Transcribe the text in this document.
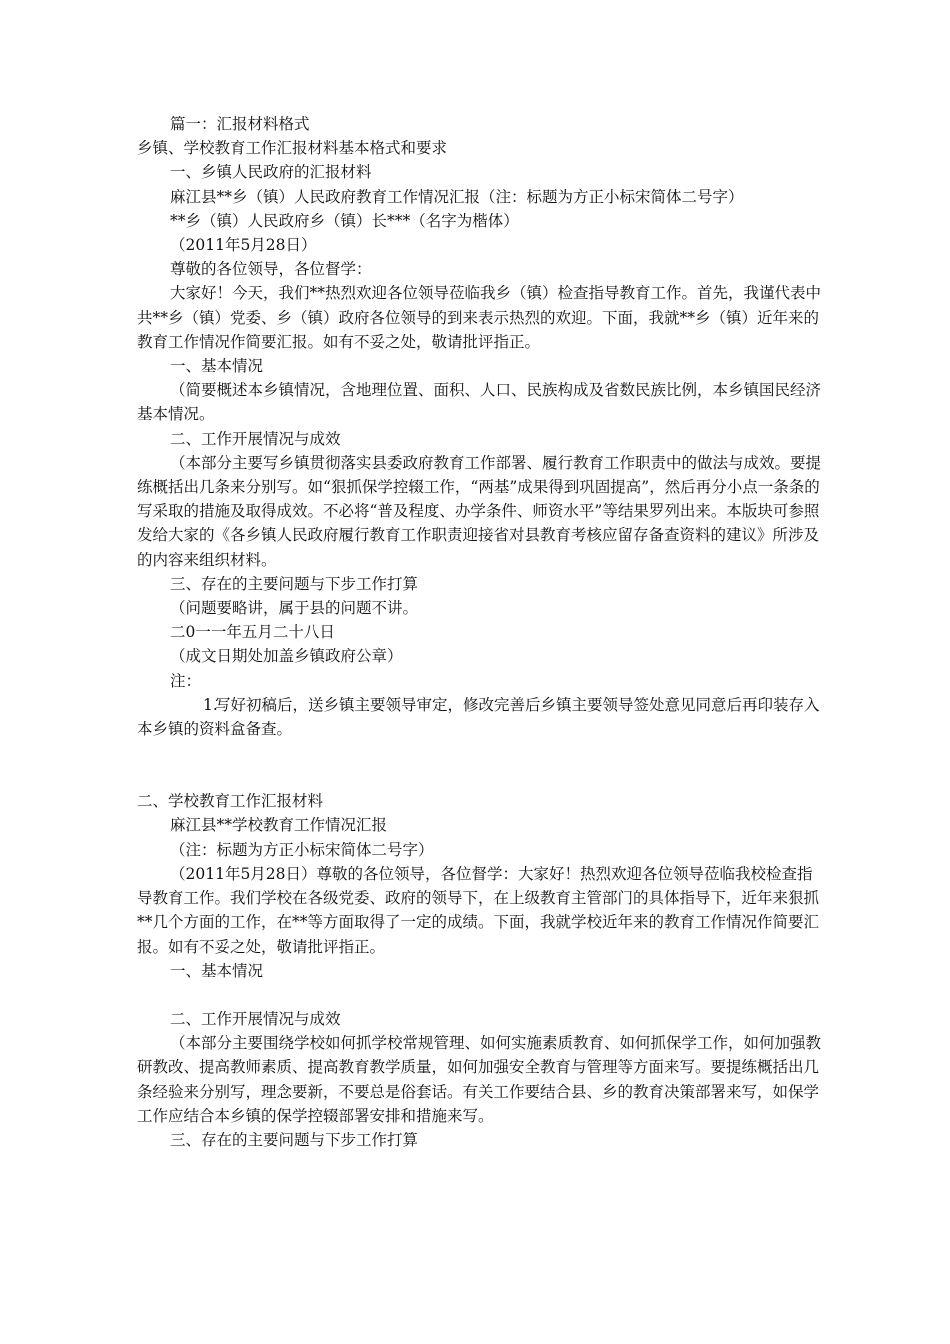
篇一：汇报材料格式

乡镇、学校教育工作汇报材料基本格式和要求

一、乡镇人民政府的汇报材料

麻江县**乡（镇）人民政府教育工作情况汇报（注：标题为方正小标宋简体二号字）

**乡（镇）人民政府乡（镇）长***（名字为楷体）

（2011年5月28日）

尊敬的各位领导，各位督学：

大家好！今天，我们**热烈欢迎各位领导莅临我乡（镇）检查指导教育工作。首先，我谨代表中共**乡（镇）党委、乡（镇）政府各位领导的到来表示热烈的欢迎。下面，我就**乡（镇）近年来的教育工作情况作简要汇报。如有不妥之处，敬请批评指正。

一、基本情况

（简要概述本乡镇情况，含地理位置、面积、人口、民族构成及省数民族比例，本乡镇国民经济基本情况。

二、工作开展情况与成效

（本部分主要写乡镇贯彻落实县委政府教育工作部署、履行教育工作职责中的做法与成效。要提练概括出几条来分别写。如“狠抓保学控辍工作，“两基”成果得到巩固提高”，然后再分小点一条条的写采取的措施及取得成效。不必将“普及程度、办学条件、师资水平”等结果罗列出来。本版块可参照发给大家的《各乡镇人民政府履行教育工作职责迎接省对县教育考核应留存备查资料的建议》所涉及的内容来组织材料。

三、存在的主要问题与下步工作打算

（问题要略讲，属于县的问题不讲。

二0一一年五月二十八日

（成文日期处加盖乡镇政府公章）

注：

1.写好初稿后，送乡镇主要领导审定，修改完善后乡镇主要领导签处意见同意后再印装存入本乡镇的资料盒备查。

二、学校教育工作汇报材料

麻江县**学校教育工作情况汇报

（注：标题为方正小标宋简体二号字）

（2011年5月28日）尊敬的各位领导，各位督学：大家好！热烈欢迎各位领导莅临我校检查指导教育工作。我们学校在各级党委、政府的领导下，在上级教育主管部门的具体指导下，近年来狠抓**几个方面的工作，在**等方面取得了一定的成绩。下面，我就学校近年来的教育工作情况作简要汇报。如有不妥之处，敬请批评指正。

一、基本情况

二、工作开展情况与成效

（本部分主要围绕学校如何抓学校常规管理、如何实施素质教育、如何抓保学工作，如何加强教研教改、提高教师素质、提高教育教学质量，如何加强安全教育与管理等方面来写。要提练概括出几条经验来分别写，理念要新，不要总是俗套话。有关工作要结合县、乡的教育决策部署来写，如保学工作应结合本乡镇的保学控辍部署安排和措施来写。

三、存在的主要问题与下步工作打算
